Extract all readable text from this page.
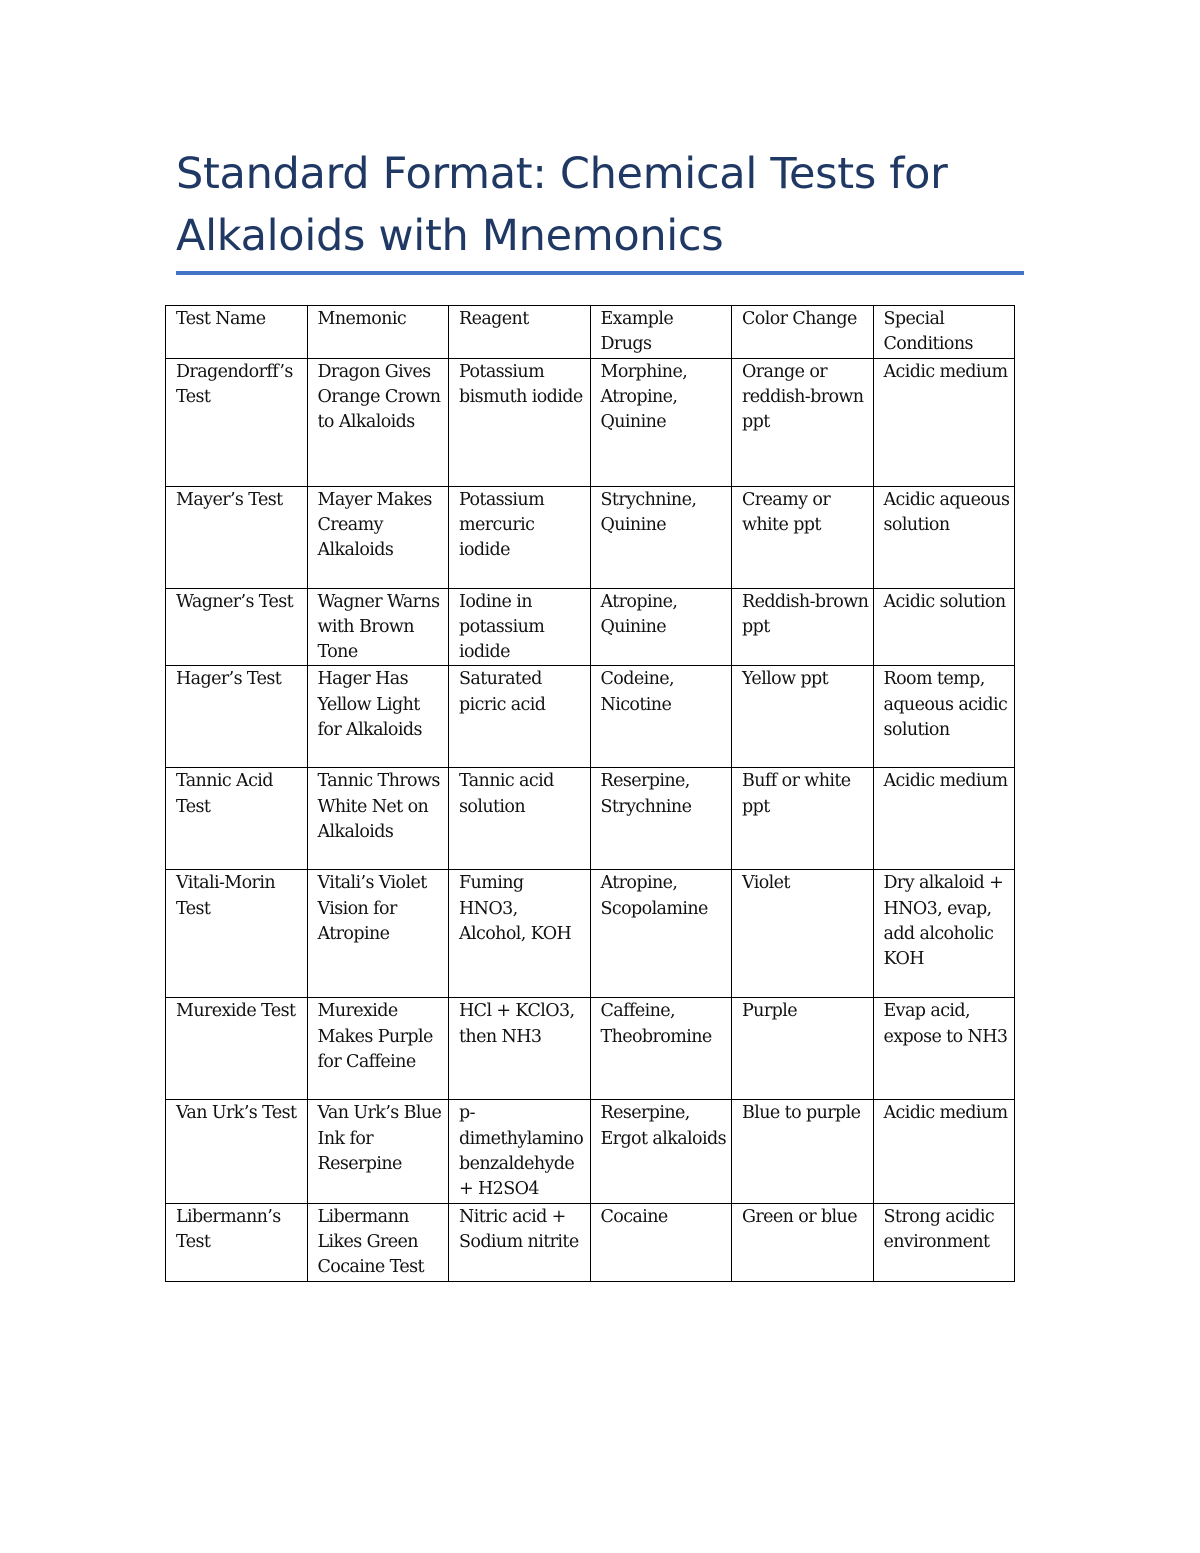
Standard Format: Chemical Tests for Alkaloids with Mnemonics
Test Name	Mnemonic	Reagent	Example Drugs	Color Change	Special Conditions
Dragendorff’s Test	Dragon Gives Orange Crown to Alkaloids	Potassium bismuth iodide	Morphine, Atropine, Quinine	Orange or reddish-brown ppt	Acidic medium
Mayer’s Test	Mayer Makes Creamy Alkaloids	Potassium mercuric iodide	Strychnine, Quinine	Creamy or white ppt	Acidic aqueous solution
Wagner’s Test	Wagner Warns with Brown Tone	Iodine in potassium iodide	Atropine, Quinine	Reddish-brown ppt	Acidic solution
Hager’s Test	Hager Has Yellow Light for Alkaloids	Saturated picric acid	Codeine, Nicotine	Yellow ppt	Room temp, aqueous acidic solution
Tannic Acid Test	Tannic Throws White Net on Alkaloids	Tannic acid solution	Reserpine, Strychnine	Buff or white ppt	Acidic medium
Vitali-Morin Test	Vitali’s Violet Vision for Atropine	Fuming HNO3, Alcohol, KOH	Atropine, Scopolamine	Violet	Dry alkaloid + HNO3, evap, add alcoholic KOH
Murexide Test	Murexide Makes Purple for Caffeine	HCl + KClO3, then NH3	Caffeine, Theobromine	Purple	Evap acid, expose to NH3
Van Urk’s Test	Van Urk’s Blue Ink for Reserpine	p-dimethylaminobenzaldehyde + H2SO4	Reserpine, Ergot alkaloids	Blue to purple	Acidic medium
Libermann’s Test	Libermann Likes Green Cocaine Test	Nitric acid + Sodium nitrite	Cocaine	Green or blue	Strong acidic environment
